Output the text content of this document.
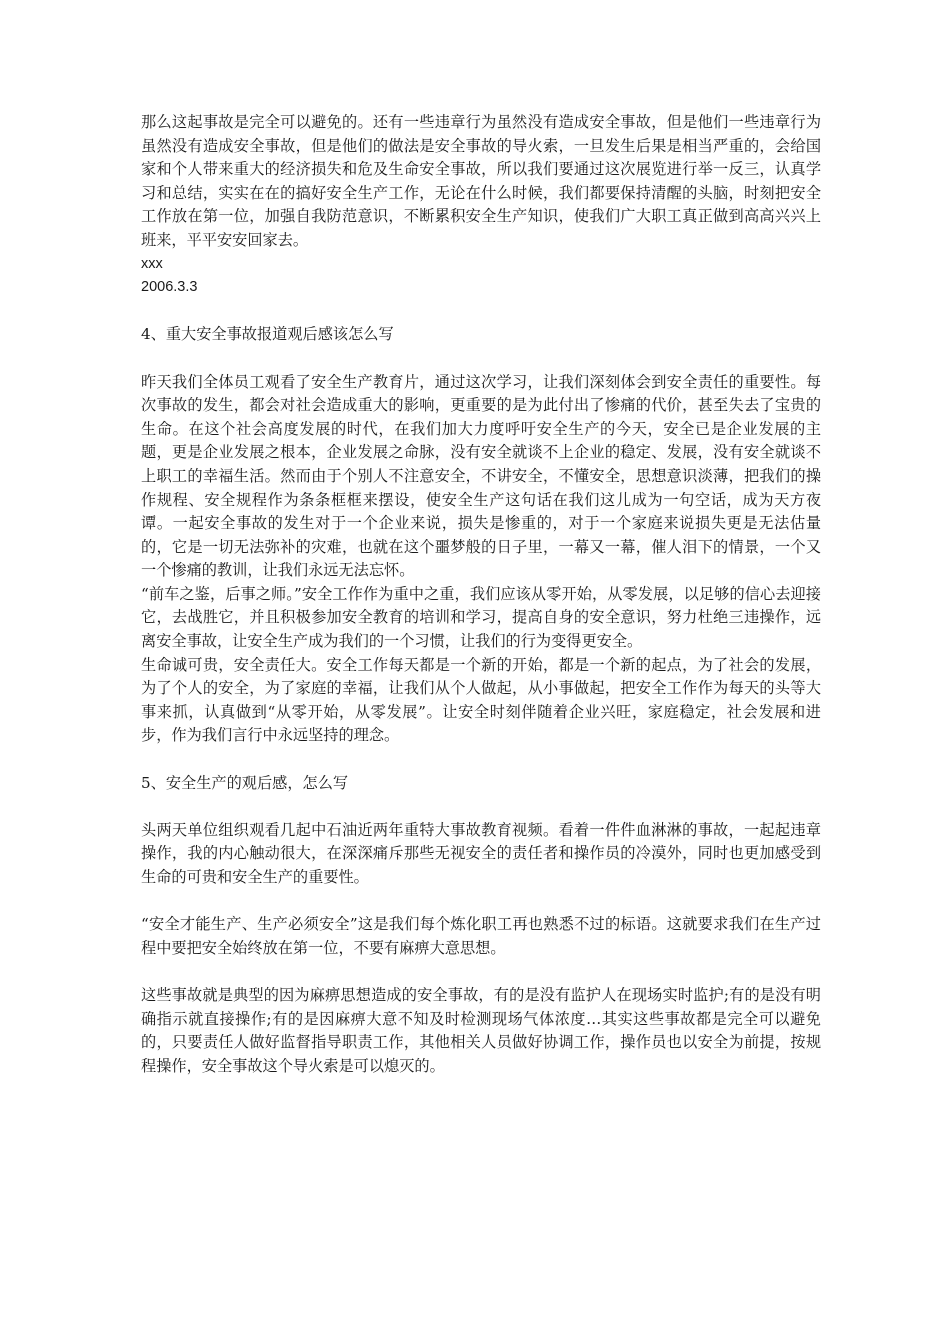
那么这起事故是完全可以避免的。还有一些违章行为虽然没有造成安全事故，但是他们一些违章行为虽然没有造成安全事故，但是他们的做法是安全事故的导火索，一旦发生后果是相当严重的，会给国家和个人带来重大的经济损失和危及生命安全事故，所以我们要通过这次展览进行举一反三，认真学习和总结，实实在在的搞好安全生产工作，无论在什么时候，我们都要保持清醒的头脑，时刻把安全工作放在第一位，加强自我防范意识，不断累积安全生产知识，使我们广大职工真正做到高高兴兴上班来，平平安安回家去。

xxx

2006.3.3

4、重大安全事故报道观后感该怎么写

昨天我们全体员工观看了安全生产教育片，通过这次学习，让我们深刻体会到安全责任的重要性。每次事故的发生，都会对社会造成重大的影响，更重要的是为此付出了惨痛的代价，甚至失去了宝贵的生命。在这个社会高度发展的时代，在我们加大力度呼吁安全生产的今天，安全已是企业发展的主题，更是企业发展之根本，企业发展之命脉，没有安全就谈不上企业的稳定、发展，没有安全就谈不上职工的幸福生活。然而由于个别人不注意安全，不讲安全，不懂安全，思想意识淡薄，把我们的操作规程、安全规程作为条条框框来摆设，使安全生产这句话在我们这儿成为一句空话，成为天方夜谭。一起安全事故的发生对于一个企业来说，损失是惨重的，对于一个家庭来说损失更是无法估量的，它是一切无法弥补的灾难，也就在这个噩梦般的日子里，一幕又一幕，催人泪下的情景，一个又一个惨痛的教训，让我们永远无法忘怀。

“前车之鉴，后事之师。”安全工作作为重中之重，我们应该从零开始，从零发展，以足够的信心去迎接它，去战胜它，并且积极参加安全教育的培训和学习，提高自身的安全意识，努力杜绝三违操作，远离安全事故，让安全生产成为我们的一个习惯，让我们的行为变得更安全。

生命诚可贵，安全责任大。安全工作每天都是一个新的开始，都是一个新的起点，为了社会的发展，为了个人的安全，为了家庭的幸福，让我们从个人做起，从小事做起，把安全工作作为每天的头等大事来抓，认真做到“从零开始，从零发展”。让安全时刻伴随着企业兴旺，家庭稳定，社会发展和进步，作为我们言行中永远坚持的理念。

5、安全生产的观后感，怎么写

头两天单位组织观看几起中石油近两年重特大事故教育视频。看着一件件血淋淋的事故，一起起违章操作，我的内心触动很大，在深深痛斥那些无视安全的责任者和操作员的冷漠外，同时也更加感受到生命的可贵和安全生产的重要性。

“安全才能生产、生产必须安全”这是我们每个炼化职工再也熟悉不过的标语。这就要求我们在生产过程中要把安全始终放在第一位，不要有麻痹大意思想。

这些事故就是典型的因为麻痹思想造成的安全事故，有的是没有监护人在现场实时监护;有的是没有明确指示就直接操作;有的是因麻痹大意不知及时检测现场气体浓度…其实这些事故都是完全可以避免的，只要责任人做好监督指导职责工作，其他相关人员做好协调工作，操作员也以安全为前提，按规程操作，安全事故这个导火索是可以熄灭的。
